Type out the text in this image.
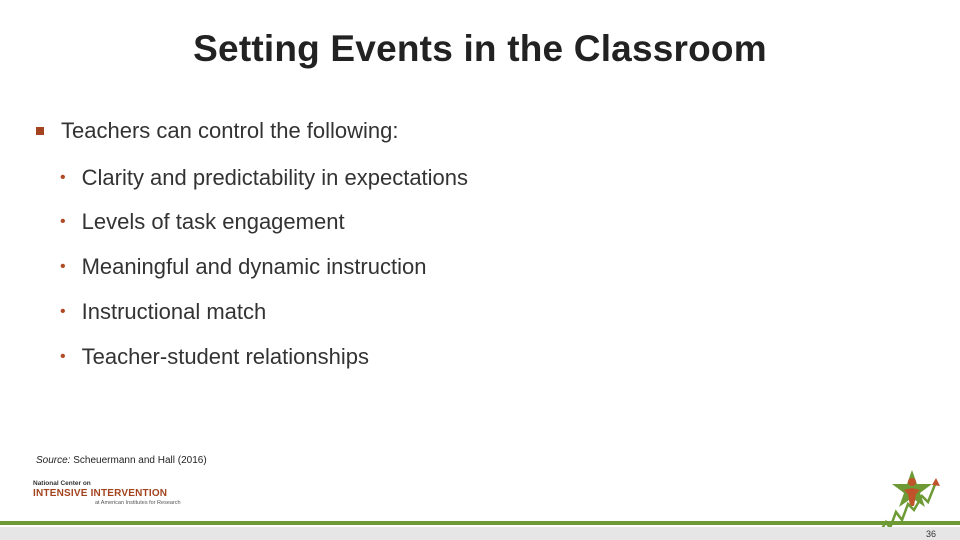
Setting Events in the Classroom
Teachers can control the following:
• Clarity and predictability in expectations
• Levels of task engagement
• Meaningful and dynamic instruction
• Instructional match
• Teacher-student relationships
Source: Scheuermann and Hall (2016)
National Center on
INTENSIVE INTERVENTION
at American Institutes for Research
36
